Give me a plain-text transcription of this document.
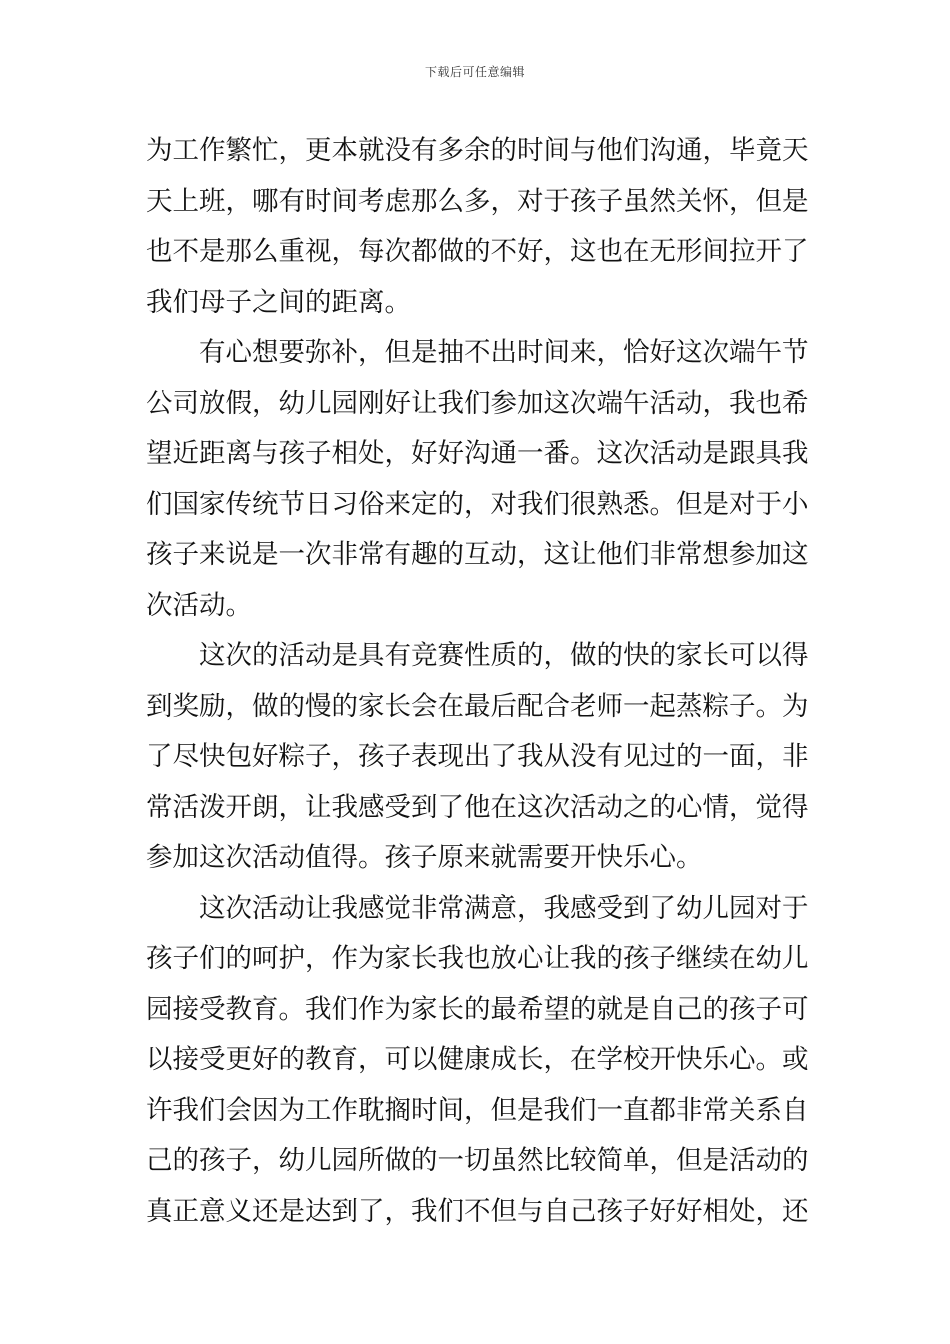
下载后可任意编辑
为工作繁忙，更本就没有多余的时间与他们沟通，毕竟天
天上班，哪有时间考虑那么多，对于孩子虽然关怀，但是
也不是那么重视，每次都做的不好，这也在无形间拉开了
我们母子之间的距离。
有心想要弥补，但是抽不出时间来，恰好这次端午节
公司放假，幼儿园刚好让我们参加这次端午活动，我也希
望近距离与孩子相处，好好沟通一番。这次活动是跟具我
们国家传统节日习俗来定的，对我们很熟悉。但是对于小
孩子来说是一次非常有趣的互动，这让他们非常想参加这
次活动。
这次的活动是具有竞赛性质的，做的快的家长可以得
到奖励，做的慢的家长会在最后配合老师一起蒸粽子。为
了尽快包好粽子，孩子表现出了我从没有见过的一面，非
常活泼开朗，让我感受到了他在这次活动之的心情，觉得
参加这次活动值得。孩子原来就需要开快乐心。
这次活动让我感觉非常满意，我感受到了幼儿园对于
孩子们的呵护，作为家长我也放心让我的孩子继续在幼儿
园接受教育。我们作为家长的最希望的就是自己的孩子可
以接受更好的教育，可以健康成长，在学校开快乐心。或
许我们会因为工作耽搁时间，但是我们一直都非常关系自
己的孩子，幼儿园所做的一切虽然比较简单，但是活动的
真正意义还是达到了，我们不但与自己孩子好好相处，还
